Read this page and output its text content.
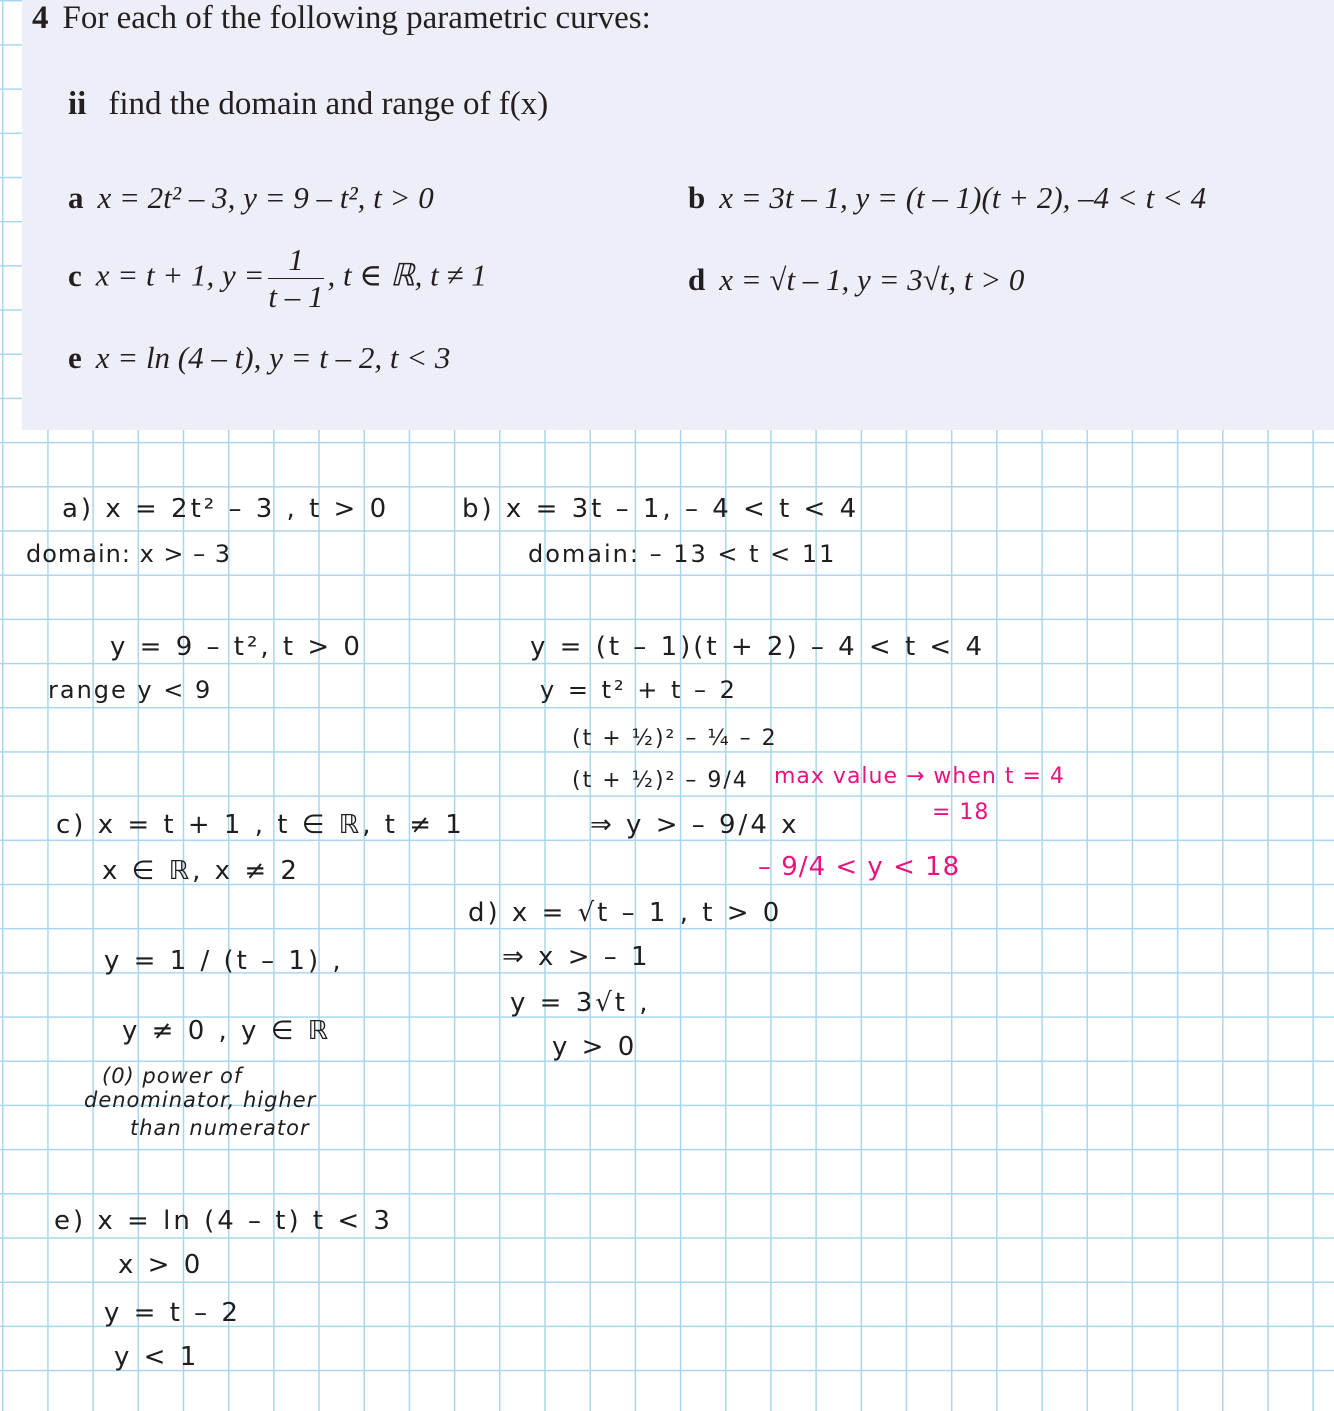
4 For each of the following parametric curves:
ii find the domain and range of f(x)
a x = 2t² – 3, y = 9 – t², t > 0	b x = 3t – 1, y = (t – 1)(t + 2), –4 < t < 4
c x = t + 1, $y = \frac{1}{t - 1}$ , t ∈ ℝ, t ≠ 1	d x = √t – 1, y = 3√t, t > 0
e x = ln (4 – t), y = t – 2, t < 3
a) x = 2t² – 3 , t > 0
domain: x > – 3
y = 9 – t², t > 0
range y < 9
b) x = 3t – 1, – 4 < t < 4
domain: – 13 < t < 11
y = (t – 1)(t + 2) – 4 < t < 4
y = t² + t – 2
(t + ½)² – ¼ – 2
(t + ½)² – 9/4
⇒ y > – 9/4 x
max value → when t = 4
= 18
– 9/4 < y < 18
c) x = t + 1 , t ∈ ℝ, t ≠ 1
x ∈ ℝ, x ≠ 2
y = 1 / (t – 1) ,
y ≠ 0 , y ∈ ℝ
(0) power of
denominator, higher
than numerator
d) x = √t – 1 , t > 0
⇒ x > – 1
y = 3√t ,
y > 0
e) x = ln (4 – t) t < 3
x > 0
y = t – 2
y < 1
